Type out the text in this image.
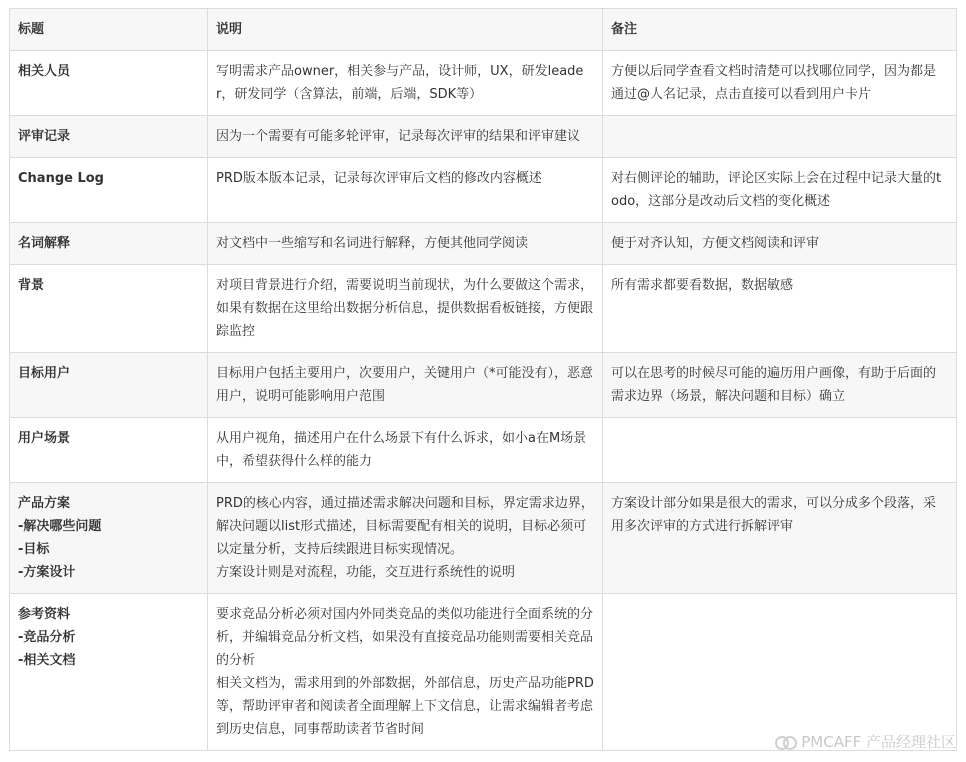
标题	说明	备注

相关人员	写明需求产品owner，相关参与产品，设计师，UX，研发leader，研发同学（含算法，前端，后端，SDK等）	方便以后同学查看文档时清楚可以找哪位同学，因为都是通过@人名记录，点击直接可以看到用户卡片

评审记录	因为一个需要有可能多轮评审，记录每次评审的结果和评审建议	

Change Log	PRD版本版本记录，记录每次评审后文档的修改内容概述	对右侧评论的辅助，评论区实际上会在过程中记录大量的todo，这部分是改动后文档的变化概述

名词解释	对文档中一些缩写和名词进行解释，方便其他同学阅读	便于对齐认知，方便文档阅读和评审

背景	对项目背景进行介绍，需要说明当前现状，为什么要做这个需求，如果有数据在这里给出数据分析信息，提供数据看板链接，方便跟踪监控	所有需求都要看数据，数据敏感

目标用户	目标用户包括主要用户，次要用户，关键用户（*可能没有），恶意用户，说明可能影响用户范围	可以在思考的时候尽可能的遍历用户画像，有助于后面的需求边界（场景，解决问题和目标）确立

用户场景	从用户视角，描述用户在什么场景下有什么诉求，如小a在M场景中，希望获得什么样的能力	

产品方案
-解决哪些问题
-目标
-方案设计	PRD的核心内容，通过描述需求解决问题和目标，界定需求边界，解决问题以list形式描述，目标需要配有相关的说明，目标必须可以定量分析，支持后续跟进目标实现情况。
方案设计则是对流程，功能，交互进行系统性的说明	方案设计部分如果是很大的需求，可以分成多个段落，采用多次评审的方式进行拆解评审

参考资料
-竞品分析
-相关文档	要求竞品分析必须对国内外同类竞品的类似功能进行全面系统的分析，并编辑竞品分析文档，如果没有直接竞品功能则需要相关竞品的分析
相关文档为，需求用到的外部数据，外部信息，历史产品功能PRD等，帮助评审者和阅读者全面理解上下文信息，让需求编辑者考虑到历史信息，同事帮助读者节省时间	

PMCAFF 产品经理社区
